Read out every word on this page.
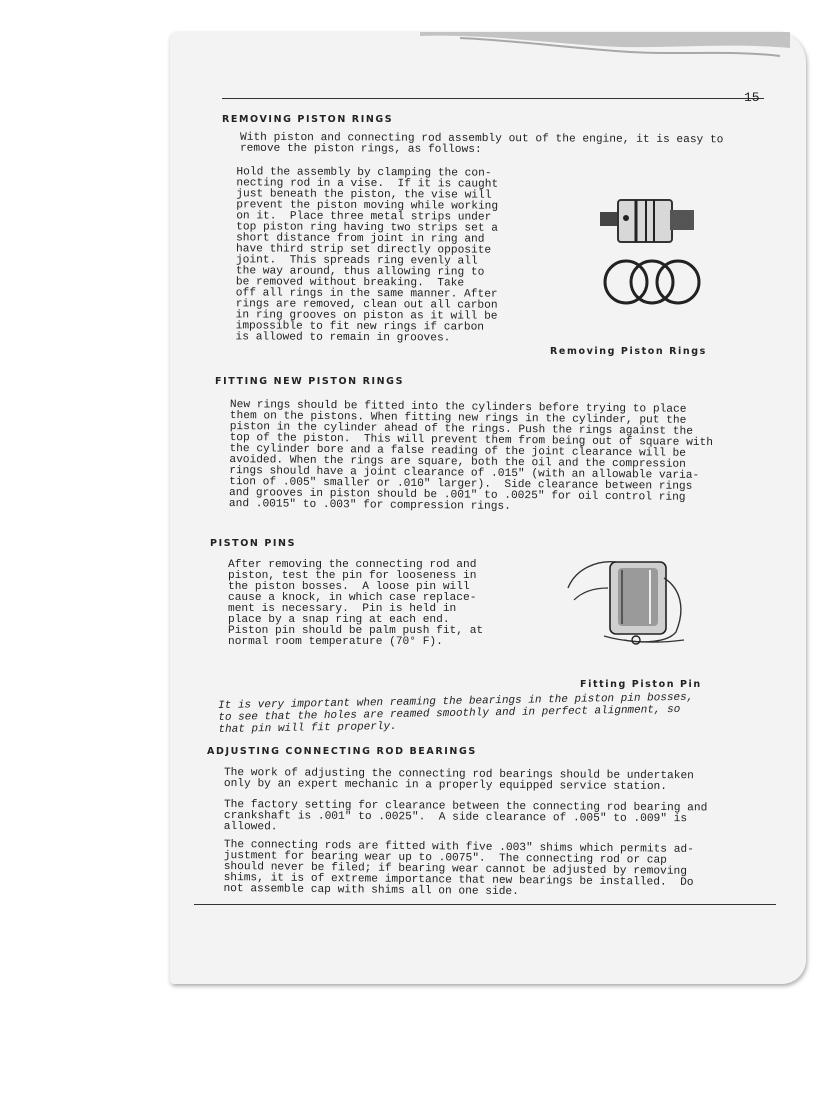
15
REMOVING PISTON RINGS
With piston and connecting rod assembly out of the engine, it is easy to
remove the piston rings, as follows:
Hold the assembly by clamping the con-
necting rod in a vise.  If it is caught
just beneath the piston, the vise will
prevent the piston moving while working
on it.  Place three metal strips under
top piston ring having two strips set a
short distance from joint in ring and
have third strip set directly opposite
joint.  This spreads ring evenly all
the way around, thus allowing ring to
be removed without breaking.  Take
off all rings in the same manner. After
rings are removed, clean out all carbon
in ring grooves on piston as it will be
impossible to fit new rings if carbon
is allowed to remain in grooves.
Removing Piston Rings
FITTING NEW PISTON RINGS
New rings should be fitted into the cylinders before trying to place
them on the pistons. When fitting new rings in the cylinder, put the
piston in the cylinder ahead of the rings. Push the rings against the
top of the piston.  This will prevent them from being out of square with
the cylinder bore and a false reading of the joint clearance will be
avoided. When the rings are square, both the oil and the compression
rings should have a joint clearance of .015" (with an allowable varia-
tion of .005" smaller or .010" larger).  Side clearance between rings
and grooves in piston should be .001" to .0025" for oil control ring
and .0015" to .003" for compression rings.
PISTON PINS
After removing the connecting rod and
piston, test the pin for looseness in
the piston bosses.  A loose pin will
cause a knock, in which case replace-
ment is necessary.  Pin is held in
place by a snap ring at each end.
Piston pin should be palm push fit, at
normal room temperature (70° F).
Fitting Piston Pin
It is very important when reaming the bearings in the piston pin bosses,
to see that the holes are reamed smoothly and in perfect alignment, so
that pin will fit properly.
ADJUSTING CONNECTING ROD BEARINGS
The work of adjusting the connecting rod bearings should be undertaken
only by an expert mechanic in a properly equipped service station.
The factory setting for clearance between the connecting rod bearing and
crankshaft is .001" to .0025".  A side clearance of .005" to .009" is
allowed.
The connecting rods are fitted with five .003" shims which permits ad-
justment for bearing wear up to .0075".  The connecting rod or cap
should never be filed; if bearing wear cannot be adjusted by removing
shims, it is of extreme importance that new bearings be installed.  Do
not assemble cap with shims all on one side.
